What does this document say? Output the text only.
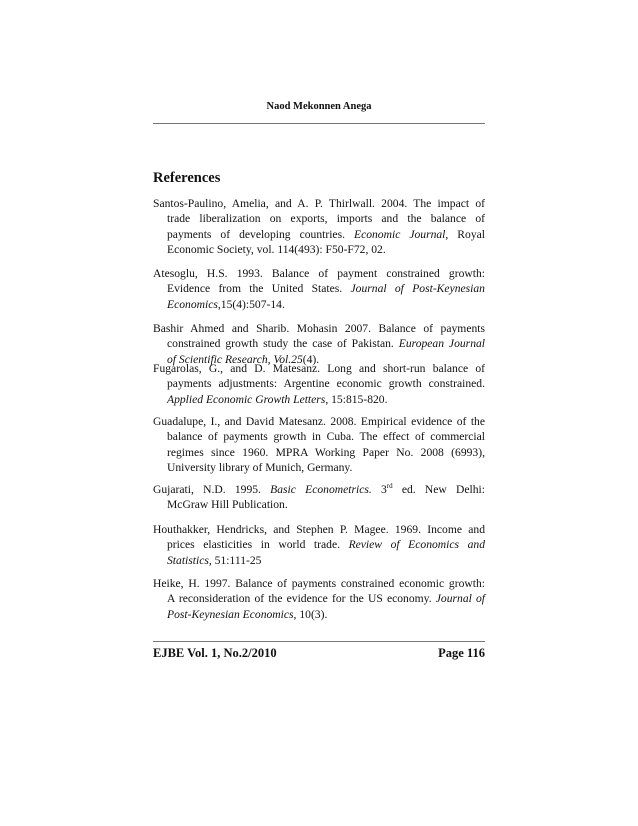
Naod Mekonnen Anega
References
Santos-Paulino, Amelia, and A. P. Thirlwall. 2004. The impact of
trade liberalization on exports, imports and the balance of
payments of developing countries. Economic Journal, Royal
Economic Society, vol. 114(493): F50-F72, 02.
Atesoglu, H.S. 1993. Balance of payment constrained growth:
Evidence from the United States. Journal of Post-Keynesian
Economics,15(4):507-14.
Bashir Ahmed and Sharib. Mohasin 2007. Balance of payments
constrained growth study the case of Pakistan. European Journal
of Scientific Research, Vol.25(4).
Fugarolas, G., and D. Matesanz. Long and short-run balance of
payments adjustments: Argentine economic growth constrained.
Applied Economic Growth Letters, 15:815-820.
Guadalupe, I., and David Matesanz. 2008. Empirical evidence of the
balance of payments growth in Cuba. The effect of commercial
regimes since 1960. MPRA Working Paper No. 2008 (6993),
University library of Munich, Germany.
Gujarati, N.D. 1995. Basic Econometrics. 3rd ed. New Delhi:
McGraw Hill Publication.
Houthakker, Hendricks, and Stephen P. Magee. 1969. Income and
prices elasticities in world trade. Review of Economics and
Statistics, 51:111-25
Heike, H. 1997. Balance of payments constrained economic growth:
A reconsideration of the evidence for the US economy. Journal of
Post-Keynesian Economics, 10(3).
EJBE Vol. 1, No.2/2010	Page 116
